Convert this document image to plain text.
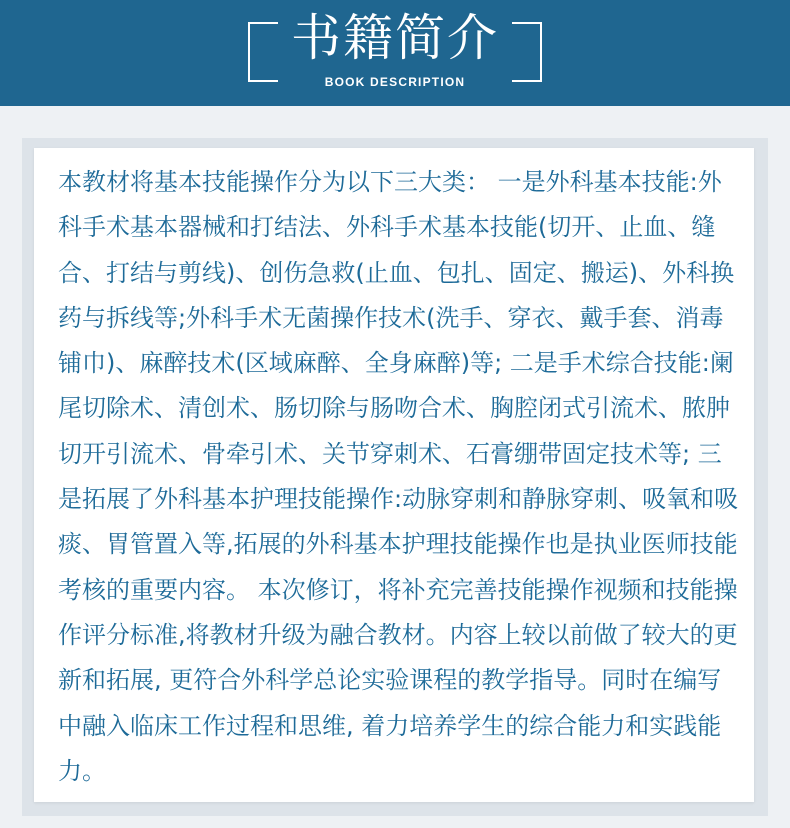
书籍简介
BOOK DESCRIPTION
本教材将基本技能操作分为以下三大类： 一是外科基本技能:外科手术基本器械和打结法、外科手术基本技能(切开、止血、缝合、打结与剪线)、创伤急救(止血、包扎、固定、搬运)、外科换药与拆线等;外科手术无菌操作技术(洗手、穿衣、戴手套、消毒铺巾)、麻醉技术(区域麻醉、全身麻醉)等; 二是手术综合技能:阑尾切除术、清创术、肠切除与肠吻合术、胸腔闭式引流术、脓肿切开引流术、骨牵引术、关节穿刺术、石膏绷带固定技术等; 三是拓展了外科基本护理技能操作:动脉穿刺和静脉穿刺、吸氧和吸痰、胃管置入等,拓展的外科基本护理技能操作也是执业医师技能考核的重要内容。 本次修订，将补充完善技能操作视频和技能操作评分标准,将教材升级为融合教材。内容上较以前做了较大的更新和拓展, 更符合外科学总论实验课程的教学指导。同时在编写中融入临床工作过程和思维, 着力培养学生的综合能力和实践能力。
